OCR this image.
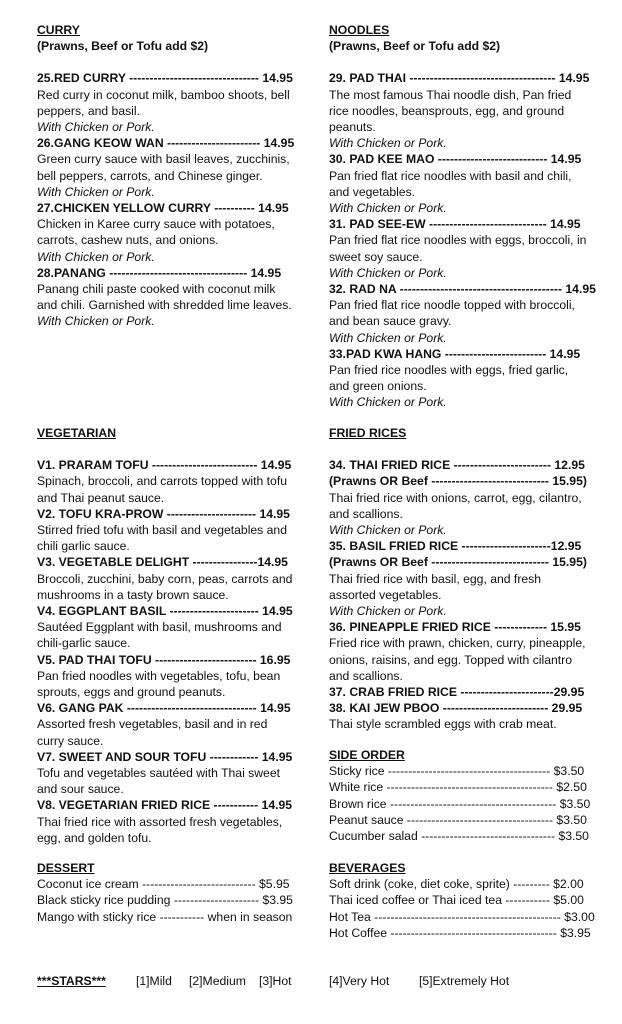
CURRY
(Prawns, Beef or Tofu add $2)
25.RED CURRY -------------------------------- 14.95
Red curry in coconut milk, bamboo shoots, bell peppers, and basil.
With Chicken or Pork.
26.GANG KEOW WAN ----------------------- 14.95
Green curry sauce with basil leaves, zucchinis, bell peppers, carrots, and Chinese ginger.
With Chicken or Pork.
27.CHICKEN YELLOW CURRY ---------- 14.95
Chicken in Karee curry sauce with potatoes, carrots, cashew nuts, and onions.
With Chicken or Pork.
28.PANANG ---------------------------------- 14.95
Panang chili paste cooked with coconut milk and chili. Garnished with shredded lime leaves.
With Chicken or Pork.
VEGETARIAN
V1. PRARAM TOFU -------------------------- 14.95
Spinach, broccoli, and carrots topped with tofu and Thai peanut sauce.
V2. TOFU KRA-PROW ---------------------- 14.95
Stirred fried tofu with basil and vegetables and chili garlic sauce.
V3. VEGETABLE DELIGHT ----------------14.95
Broccoli, zucchini, baby corn, peas, carrots and mushrooms in a tasty brown sauce.
V4. EGGPLANT BASIL ---------------------- 14.95
Sautéed Eggplant with basil, mushrooms and chili-garlic sauce.
V5. PAD THAI TOFU ------------------------- 16.95
Pan fried noodles with vegetables, tofu, bean sprouts, eggs and ground peanuts.
V6. GANG PAK -------------------------------- 14.95
Assorted fresh vegetables, basil and in red curry sauce.
V7. SWEET AND SOUR TOFU ------------ 14.95
Tofu and vegetables sautéed with Thai sweet and sour sauce.
V8. VEGETARIAN FRIED RICE ----------- 14.95
Thai fried rice with assorted fresh vegetables, egg, and golden tofu.
DESSERT
Coconut ice cream ---------------------------- $5.95
Black sticky rice pudding --------------------- $3.95
Mango with sticky rice ----------- when in season
NOODLES
(Prawns, Beef or Tofu add $2)
29. PAD THAI ------------------------------------ 14.95
The most famous Thai noodle dish, Pan fried rice noodles, beansprouts, egg, and ground peanuts.
With Chicken or Pork.
30. PAD KEE MAO --------------------------- 14.95
Pan fried flat rice noodles with basil and chili, and vegetables.
With Chicken or Pork.
31. PAD SEE-EW ----------------------------- 14.95
Pan fried flat rice noodles with eggs, broccoli, in sweet soy sauce.
With Chicken or Pork.
32. RAD NA ---------------------------------------- 14.95
Pan fried flat rice noodle topped with broccoli, and bean sauce gravy.
With Chicken or Pork.
33.PAD KWA HANG ------------------------- 14.95
Pan fried rice noodles with eggs, fried garlic, and green onions.
With Chicken or Pork.
FRIED RICES
34. THAI FRIED RICE ------------------------ 12.95
(Prawns OR Beef ----------------------------- 15.95)
Thai fried rice with onions, carrot, egg, cilantro, and scallions.
With Chicken or Pork.
35. BASIL FRIED RICE ----------------------12.95
(Prawns OR Beef ----------------------------- 15.95)
Thai fried rice with basil, egg, and fresh assorted vegetables.
With Chicken or Pork.
36. PINEAPPLE FRIED RICE ------------- 15.95
Fried rice with prawn, chicken, curry, pineapple, onions, raisins, and egg. Topped with cilantro and scallions.
37. CRAB FRIED RICE -----------------------29.95
38. KAI JEW PBOO -------------------------- 29.95
Thai style scrambled eggs with crab meat.
SIDE ORDER
Sticky rice ---------------------------------------- $3.50
White rice ----------------------------------------- $2.50
Brown rice ----------------------------------------- $3.50
Peanut sauce ------------------------------------ $3.50
Cucumber salad --------------------------------- $3.50
BEVERAGES
Soft drink (coke, diet coke, sprite) --------- $2.00
Thai iced coffee or Thai iced tea ----------- $5.00
Hot Tea ---------------------------------------------- $3.00
Hot Coffee ----------------------------------------- $3.95
***STARS*** [1]Mild [2]Medium [3]Hot	[4]Very Hot [5]Extremely Hot
